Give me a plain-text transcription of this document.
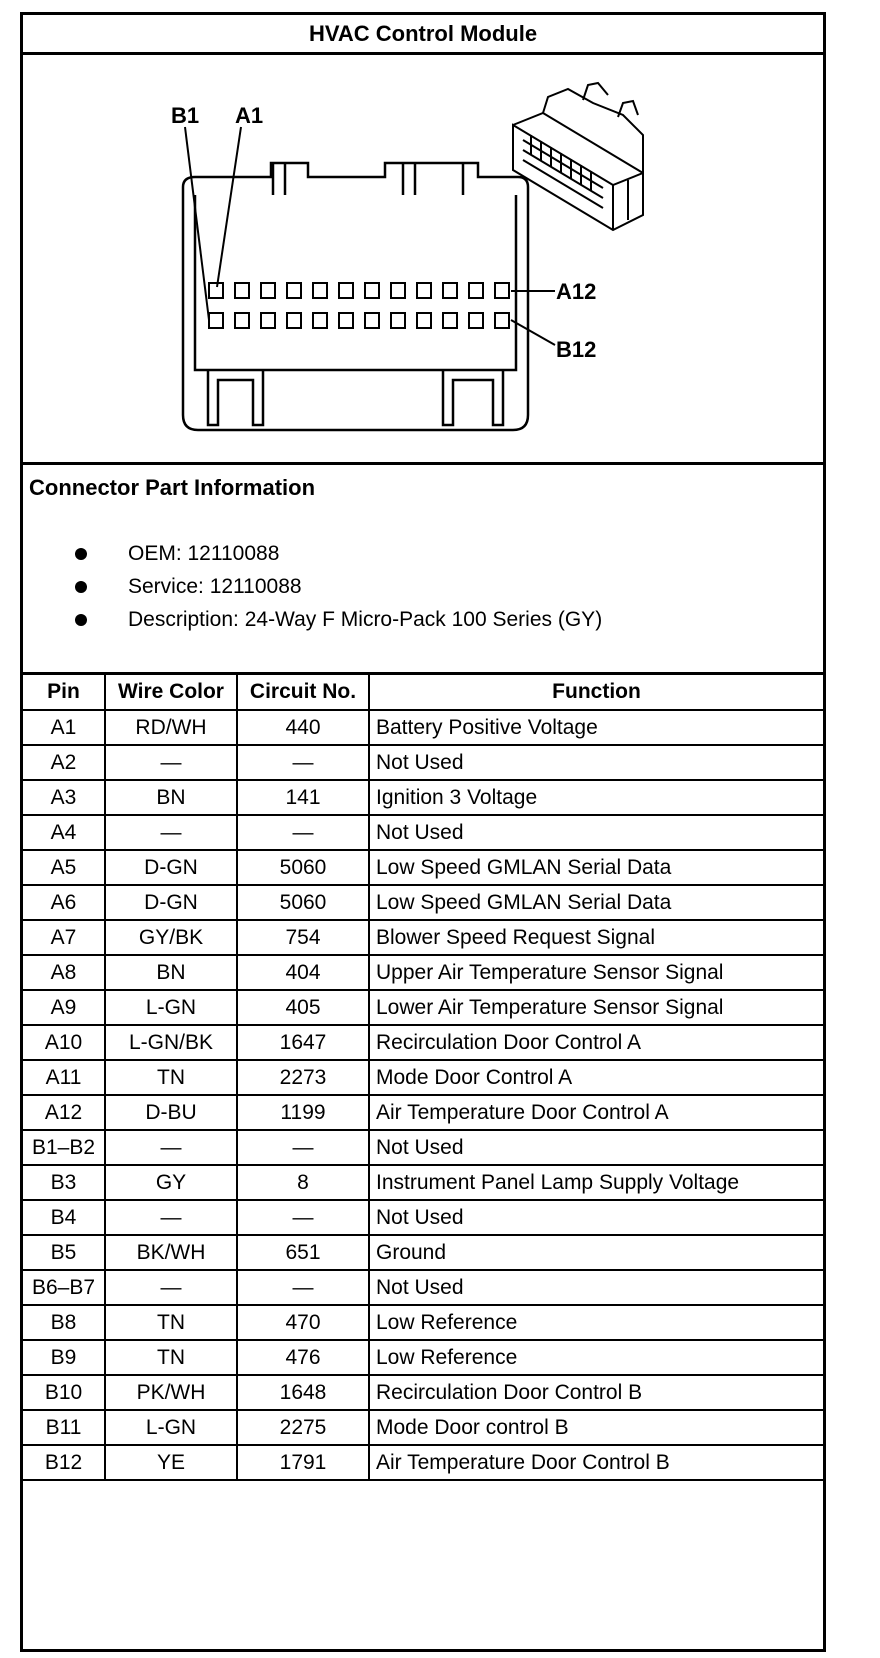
HVAC Control Module
B1 A1
A12
B12
Connector Part Information
OEM: 12110088
Service: 12110088
Description: 24-Way F Micro-Pack 100 Series (GY)
Pin	Wire Color	Circuit No.	Function
A1	RD/WH	440	Battery Positive Voltage
A2	—	—	Not Used
A3	BN	141	Ignition 3 Voltage
A4	—	—	Not Used
A5	D-GN	5060	Low Speed GMLAN Serial Data
A6	D-GN	5060	Low Speed GMLAN Serial Data
A7	GY/BK	754	Blower Speed Request Signal
A8	BN	404	Upper Air Temperature Sensor Signal
A9	L-GN	405	Lower Air Temperature Sensor Signal
A10	L-GN/BK	1647	Recirculation Door Control A
A11	TN	2273	Mode Door Control A
A12	D-BU	1199	Air Temperature Door Control A
B1–B2	—	—	Not Used
B3	GY	8	Instrument Panel Lamp Supply Voltage
B4	—	—	Not Used
B5	BK/WH	651	Ground
B6–B7	—	—	Not Used
B8	TN	470	Low Reference
B9	TN	476	Low Reference
B10	PK/WH	1648	Recirculation Door Control B
B11	L-GN	2275	Mode Door control B
B12	YE	1791	Air Temperature Door Control B
